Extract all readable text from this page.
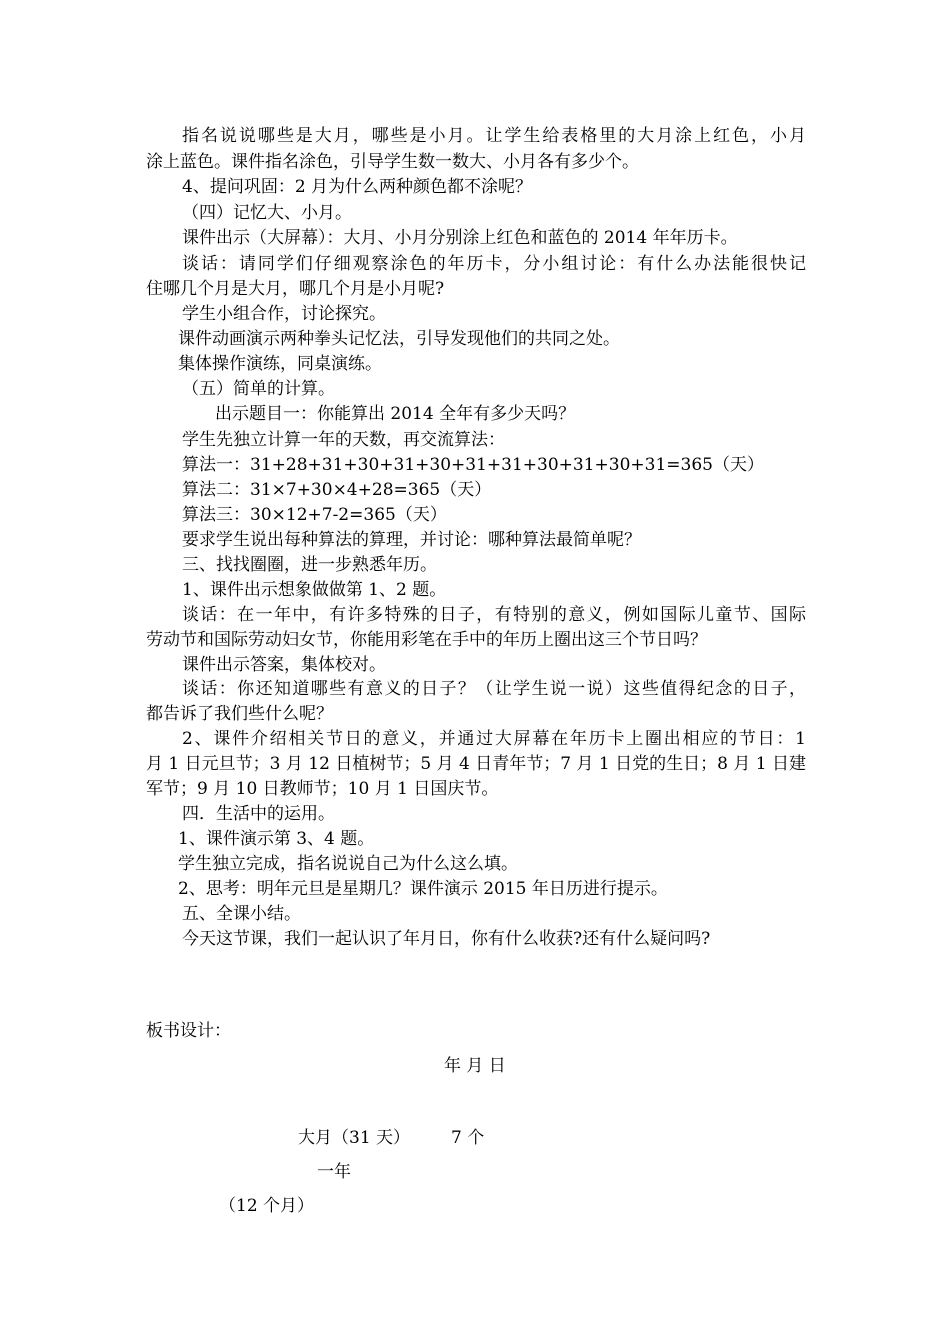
指名说说哪些是大月，哪些是小月。让学生给表格里的大月涂上红色，小月
涂上蓝色。课件指名涂色，引导学生数一数大、小月各有多少个。
4、提问巩固：2 月为什么两种颜色都不涂呢？
（四）记忆大、小月。
课件出示（大屏幕）：大月、小月分别涂上红色和蓝色的 2014 年年历卡。
谈话：请同学们仔细观察涂色的年历卡，分小组讨论：有什么办法能很快记
住哪几个月是大月，哪几个月是小月呢?
学生小组合作，讨论探究。
课件动画演示两种拳头记忆法，引导发现他们的共同之处。
集体操作演练，同桌演练。
（五）简单的计算。
出示题目一：你能算出 2014 全年有多少天吗？
学生先独立计算一年的天数，再交流算法：
算法一：31+28+31+30+31+30+31+31+30+31+30+31=365（天）
算法二：31×7+30×4+28=365（天）
算法三：30×12+7-2=365（天）
要求学生说出每种算法的算理，并讨论：哪种算法最简单呢？
三、找找圈圈，进一步熟悉年历。
1、课件出示想象做做第 1、2 题。
谈话：在一年中，有许多特殊的日子，有特别的意义，例如国际儿童节、国际
劳动节和国际劳动妇女节，你能用彩笔在手中的年历上圈出这三个节日吗？
课件出示答案，集体校对。
谈话：你还知道哪些有意义的日子？（让学生说一说）这些值得纪念的日子，
都告诉了我们些什么呢？
2、课件介绍相关节日的意义，并通过大屏幕在年历卡上圈出相应的节日：1
月 1 日元旦节；3 月 12 日植树节；5 月 4 日青年节；7 月 1 日党的生日；8 月 1 日建
军节；9 月 10 日教师节；10 月 1 日国庆节。
四．生活中的运用。
1、课件演示第 3、4 题。
学生独立完成，指名说说自己为什么这么填。
2、思考：明年元旦是星期几？课件演示 2015 年日历进行提示。
五、全课小结。
今天这节课，我们一起认识了年月日，你有什么收获?还有什么疑问吗?
板书设计：
年 月 日
大月（31 天） 7 个
一年
（12 个月）
